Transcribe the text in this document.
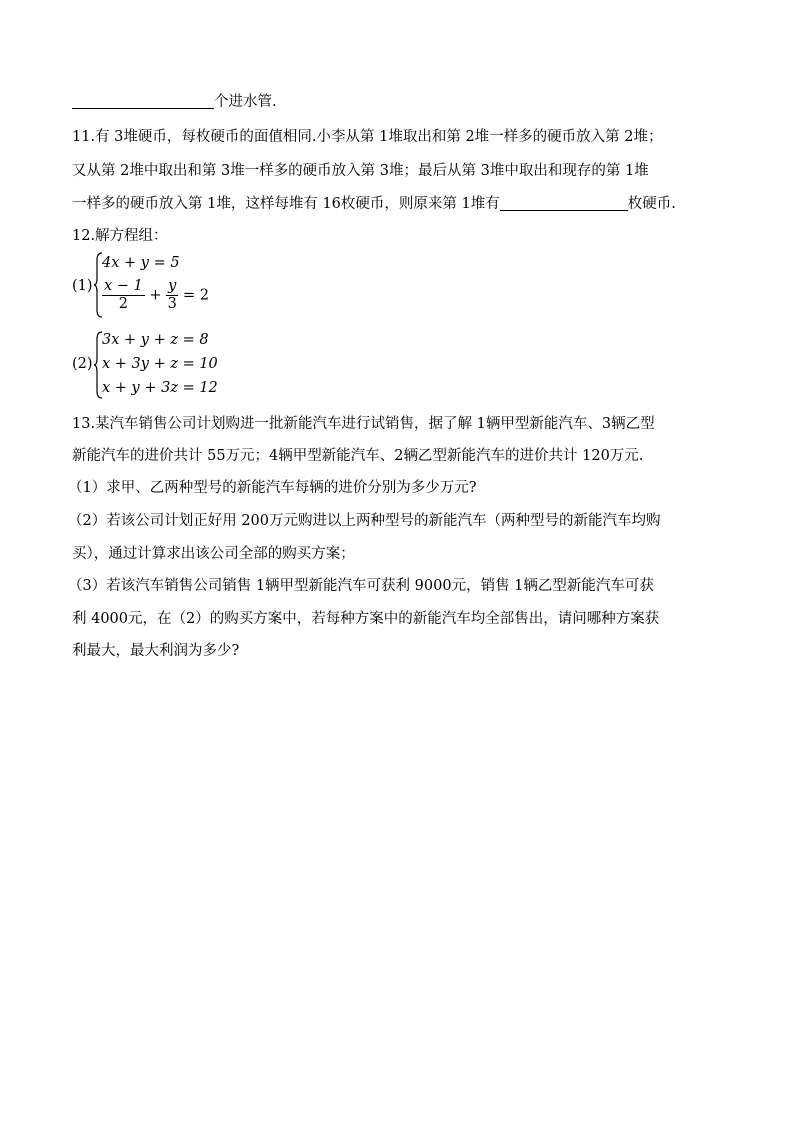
个进水管.
11.有 3堆硬币，每枚硬币的面值相同.小李从第 1堆取出和第 2堆一样多的硬币放入第 2堆；
又从第 2堆中取出和第 3堆一样多的硬币放入第 3堆；最后从第 3堆中取出和现存的第 1堆
一样多的硬币放入第 1堆，这样每堆有 16枚硬币，则原来第 1堆有	枚硬币.
12.解方程组：
(1)
4x + y = 5
$\frac{x - 1}{2} + \frac{y}{3} = 2$
(2)
3x + y + z = 8
x + 3y + z = 10
x + y + 3z = 12
13.某汽车销售公司计划购进一批新能汽车进行试销售，据了解 1辆甲型新能汽车、3辆乙型
新能汽车的进价共计 55万元；4辆甲型新能汽车、2辆乙型新能汽车的进价共计 120万元.
（1）求甲、乙两种型号的新能汽车每辆的进价分别为多少万元?
（2）若该公司计划正好用 200万元购进以上两种型号的新能汽车（两种型号的新能汽车均购
买），通过计算求出该公司全部的购买方案；
（3）若该汽车销售公司销售 1辆甲型新能汽车可获利 9000元，销售 1辆乙型新能汽车可获
利 4000元，在（2）的购买方案中，若每种方案中的新能汽车均全部售出，请问哪种方案获
利最大，最大利润为多少?
